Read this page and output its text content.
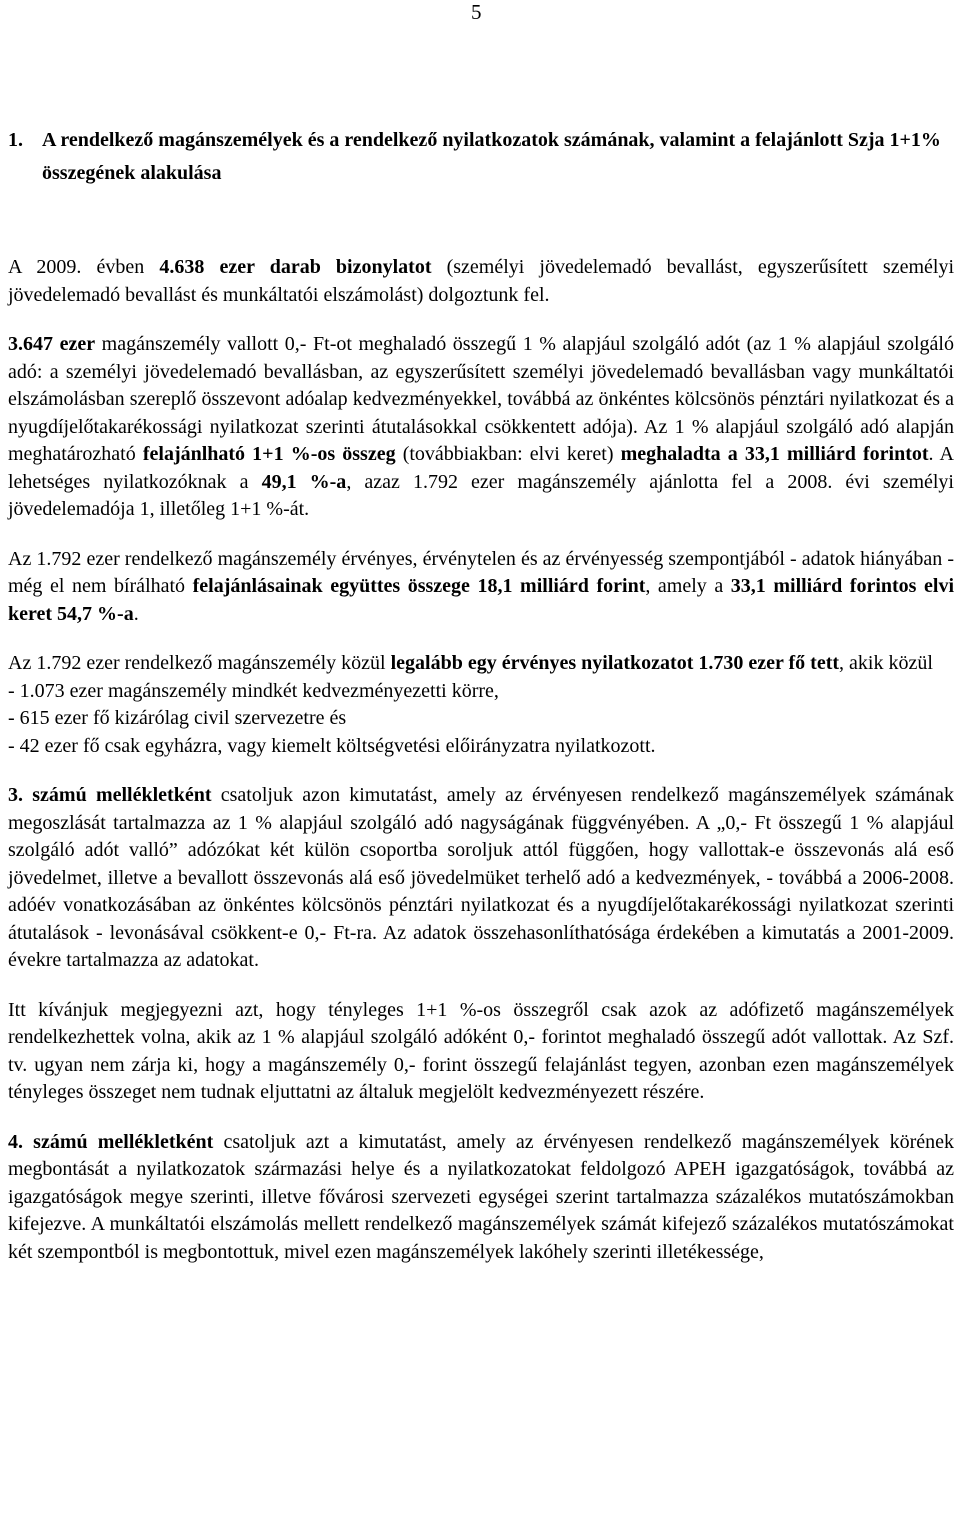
5
1. A rendelkező magánszemélyek és a rendelkező nyilatkozatok számának, valamint a felajánlott Szja 1+1% összegének alakulása

A 2009. évben 4.638 ezer darab bizonylatot (személyi jövedelemadó bevallást, egyszerűsített személyi jövedelemadó bevallást és munkáltatói elszámolást) dolgoztunk fel.

3.647 ezer magánszemély vallott 0,- Ft-ot meghaladó összegű 1 % alapjául szolgáló adót (az 1 % alapjául szolgáló adó: a személyi jövedelemadó bevallásban, az egyszerűsített személyi jövedelemadó bevallásban vagy munkáltatói elszámolásban szereplő összevont adóalap kedvezményekkel, továbbá az önkéntes kölcsönös pénztári nyilatkozat és a nyugdíjelőtakarékossági nyilatkozat szerinti átutalásokkal csökkentett adója). Az 1 % alapjául szolgáló adó alapján meghatározható felajánlható 1+1 %-os összeg (továbbiakban: elvi keret) meghaladta a 33,1 milliárd forintot. A lehetséges nyilatkozóknak a 49,1 %-a, azaz 1.792 ezer magánszemély ajánlotta fel a 2008. évi személyi jövedelemadója 1, illetőleg 1+1 %-át.

Az 1.792 ezer rendelkező magánszemély érvényes, érvénytelen és az érvényesség szempontjából - adatok hiányában - még el nem bírálható felajánlásainak együttes összege 18,1 milliárd forint, amely a 33,1 milliárd forintos elvi keret 54,7 %-a.

Az 1.792 ezer rendelkező magánszemély közül legalább egy érvényes nyilatkozatot 1.730 ezer fő tett, akik közül

- 1.073 ezer magánszemély mindkét kedvezményezetti körre,
- 615 ezer fő kizárólag civil szervezetre és
- 42 ezer fő csak egyházra, vagy kiemelt költségvetési előirányzatra nyilatkozott.

3. számú mellékletként csatoljuk azon kimutatást, amely az érvényesen rendelkező magánszemélyek számának megoszlását tartalmazza az 1 % alapjául szolgáló adó nagyságának függvényében. A „0,- Ft összegű 1 % alapjául szolgáló adót valló” adózókat két külön csoportba soroljuk attól függően, hogy vallottak-e összevonás alá eső jövedelmet, illetve a bevallott összevonás alá eső jövedelmüket terhelő adó a kedvezmények, - továbbá a 2006-2008. adóév vonatkozásában az önkéntes kölcsönös pénztári nyilatkozat és a nyugdíjelőtakarékossági nyilatkozat szerinti átutalások - levonásával csökkent-e 0,- Ft-ra. Az adatok összehasonlíthatósága érdekében a kimutatás a 2001-2009. évekre tartalmazza az adatokat.

Itt kívánjuk megjegyezni azt, hogy tényleges 1+1 %-os összegről csak azok az adófizető magánszemélyek rendelkezhettek volna, akik az 1 % alapjául szolgáló adóként 0,- forintot meghaladó összegű adót vallottak. Az Szf. tv. ugyan nem zárja ki, hogy a magánszemély 0,- forint összegű felajánlást tegyen, azonban ezen magánszemélyek tényleges összeget nem tudnak eljuttatni az általuk megjelölt kedvezményezett részére.

4. számú mellékletként csatoljuk azt a kimutatást, amely az érvényesen rendelkező magánszemélyek körének megbontását a nyilatkozatok származási helye és a nyilatkozatokat feldolgozó APEH igazgatóságok, továbbá az igazgatóságok megye szerinti, illetve fővárosi szervezeti egységei szerint tartalmazza százalékos mutatószámokban kifejezve. A munkáltatói elszámolás mellett rendelkező magánszemélyek számát kifejező százalékos mutatószámokat két szempontból is megbontottuk, mivel ezen magánszemélyek lakóhely szerinti illetékessége,
